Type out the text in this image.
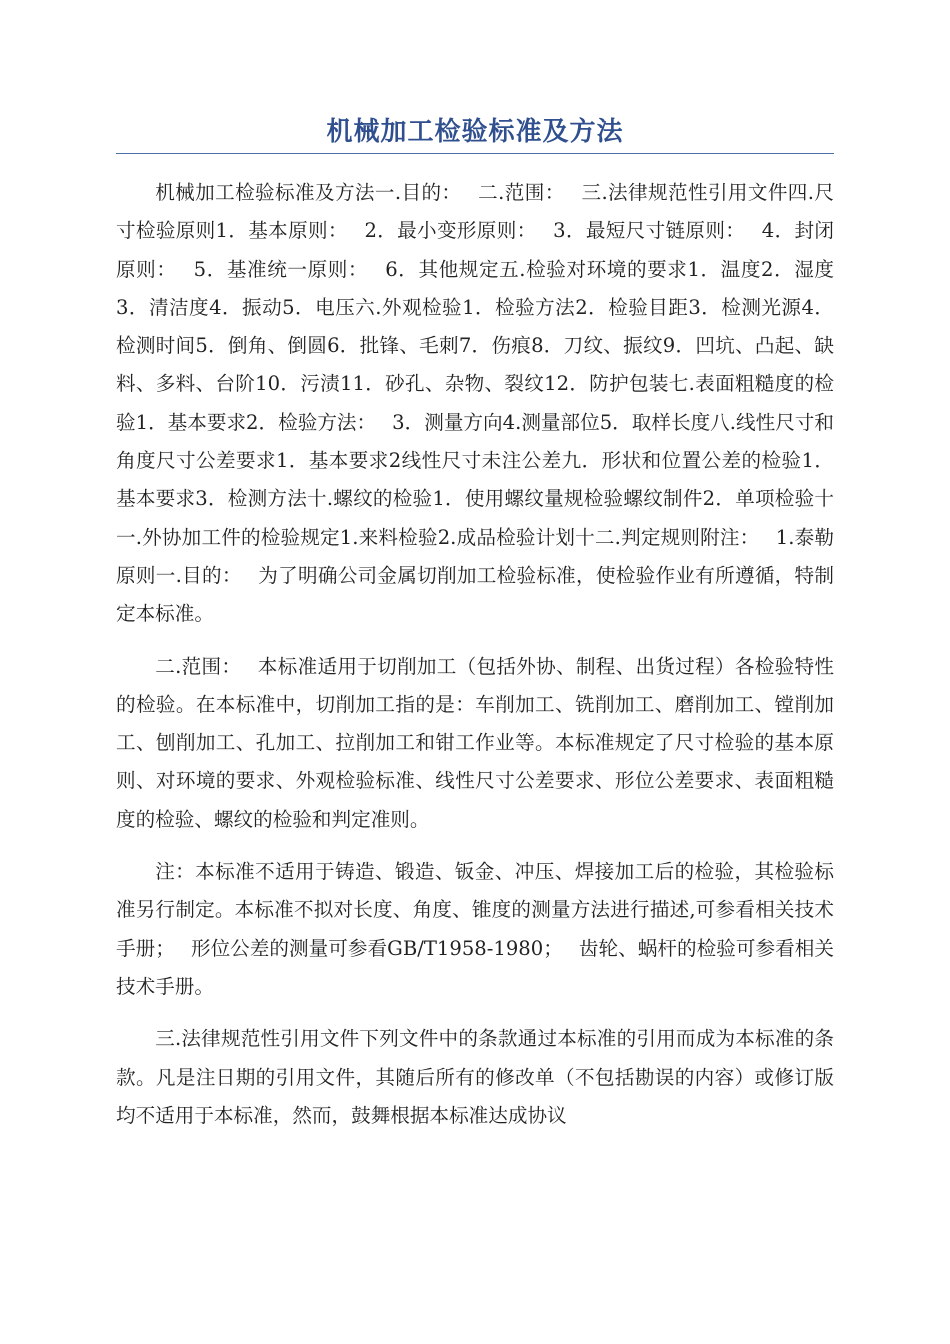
机械加工检验标准及方法

机械加工检验标准及方法一.目的：　 二.范围：　 三.法律规范性引用文件四.尺寸检验原则1．基本原则：　 2．最小变形原则：　 3．最短尺寸链原则：　 4．封闭原则：　 5．基准统一原则：　 6．其他规定五.检验对环境的要求1．温度2．湿度3．清洁度4．振动5．电压六.外观检验1．检验方法2．检验目距3．检测光源4．检测时间5．倒角、倒圆6．批锋、毛刺7．伤痕8．刀纹、振纹9．凹坑、凸起、缺料、多料、台阶10．污渍11．砂孔、杂物、裂纹12．防护包装七.表面粗糙度的检验1．基本要求2．检验方法：　 3．测量方向4.测量部位5．取样长度八.线性尺寸和角度尺寸公差要求1．基本要求2线性尺寸未注公差九．形状和位置公差的检验1．基本要求3．检测方法十.螺纹的检验1．使用螺纹量规检验螺纹制件2．单项检验十一.外协加工件的检验规定1.来料检验2.成品检验计划十二.判定规则附注：　 1.泰勒原则一.目的：　 为了明确公司金属切削加工检验标准，使检验作业有所遵循，特制定本标准。

二.范围：　 本标准适用于切削加工（包括外协、制程、出货过程）各检验特性的检验。在本标准中，切削加工指的是：车削加工、铣削加工、磨削加工、镗削加工、刨削加工、孔加工、拉削加工和钳工作业等。本标准规定了尺寸检验的基本原则、对环境的要求、外观检验标准、线性尺寸公差要求、形位公差要求、表面粗糙度的检验、螺纹的检验和判定准则。

注：本标准不适用于铸造、锻造、钣金、冲压、焊接加工后的检验，其检验标准另行制定。本标准不拟对长度、角度、锥度的测量方法进行描述,可参看相关技术手册；　 形位公差的测量可参看GB/T1958-1980；　 齿轮、蜗杆的检验可参看相关技术手册。

三.法律规范性引用文件下列文件中的条款通过本标准的引用而成为本标准的条款。凡是注日期的引用文件，其随后所有的修改单（不包括勘误的内容）或修订版均不适用于本标准，然而，鼓舞根据本标准达成协议
